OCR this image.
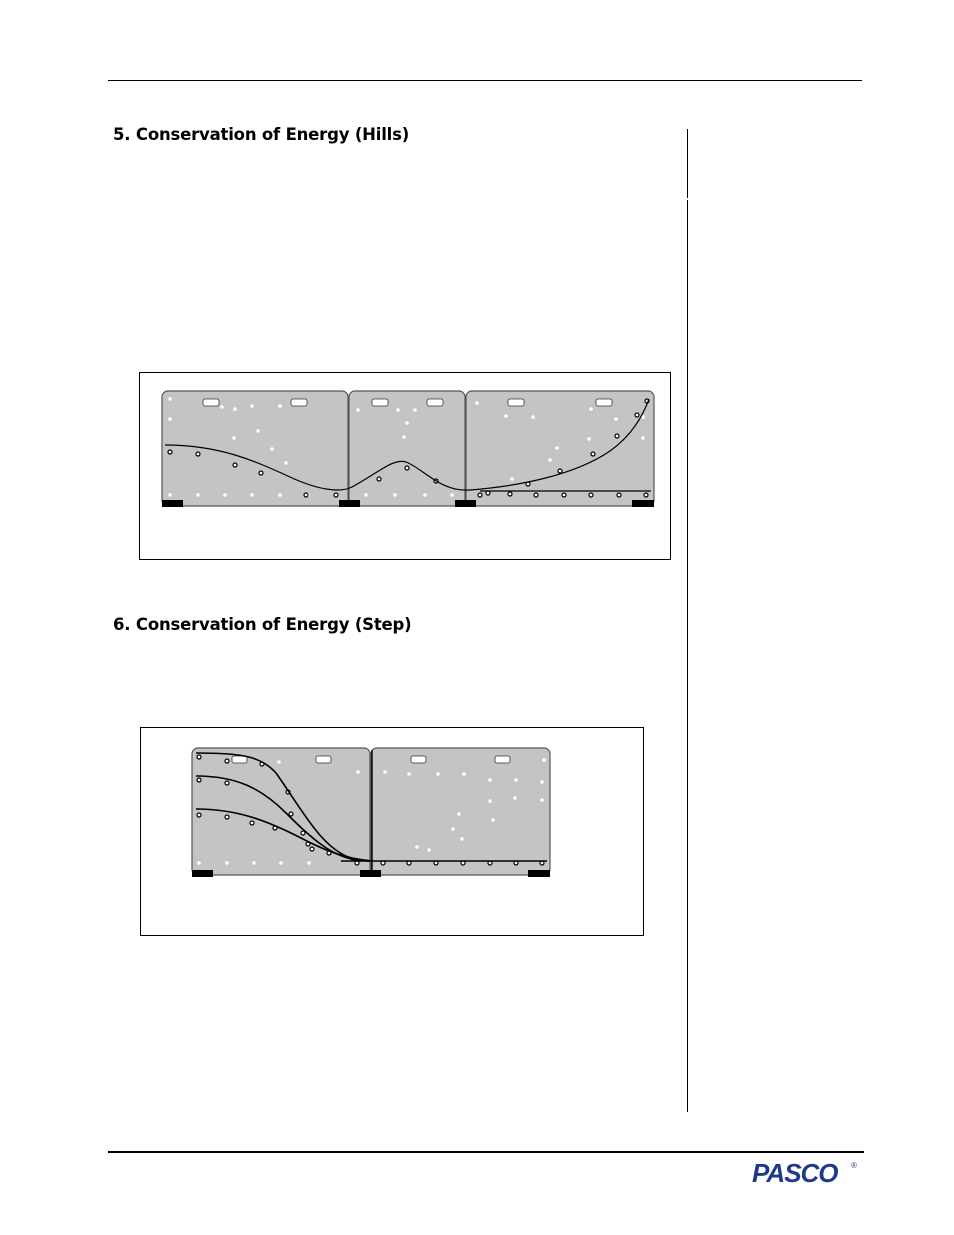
5. Conservation of Energy (Hills)
6. Conservation of Energy (Step)
PASCO ®
